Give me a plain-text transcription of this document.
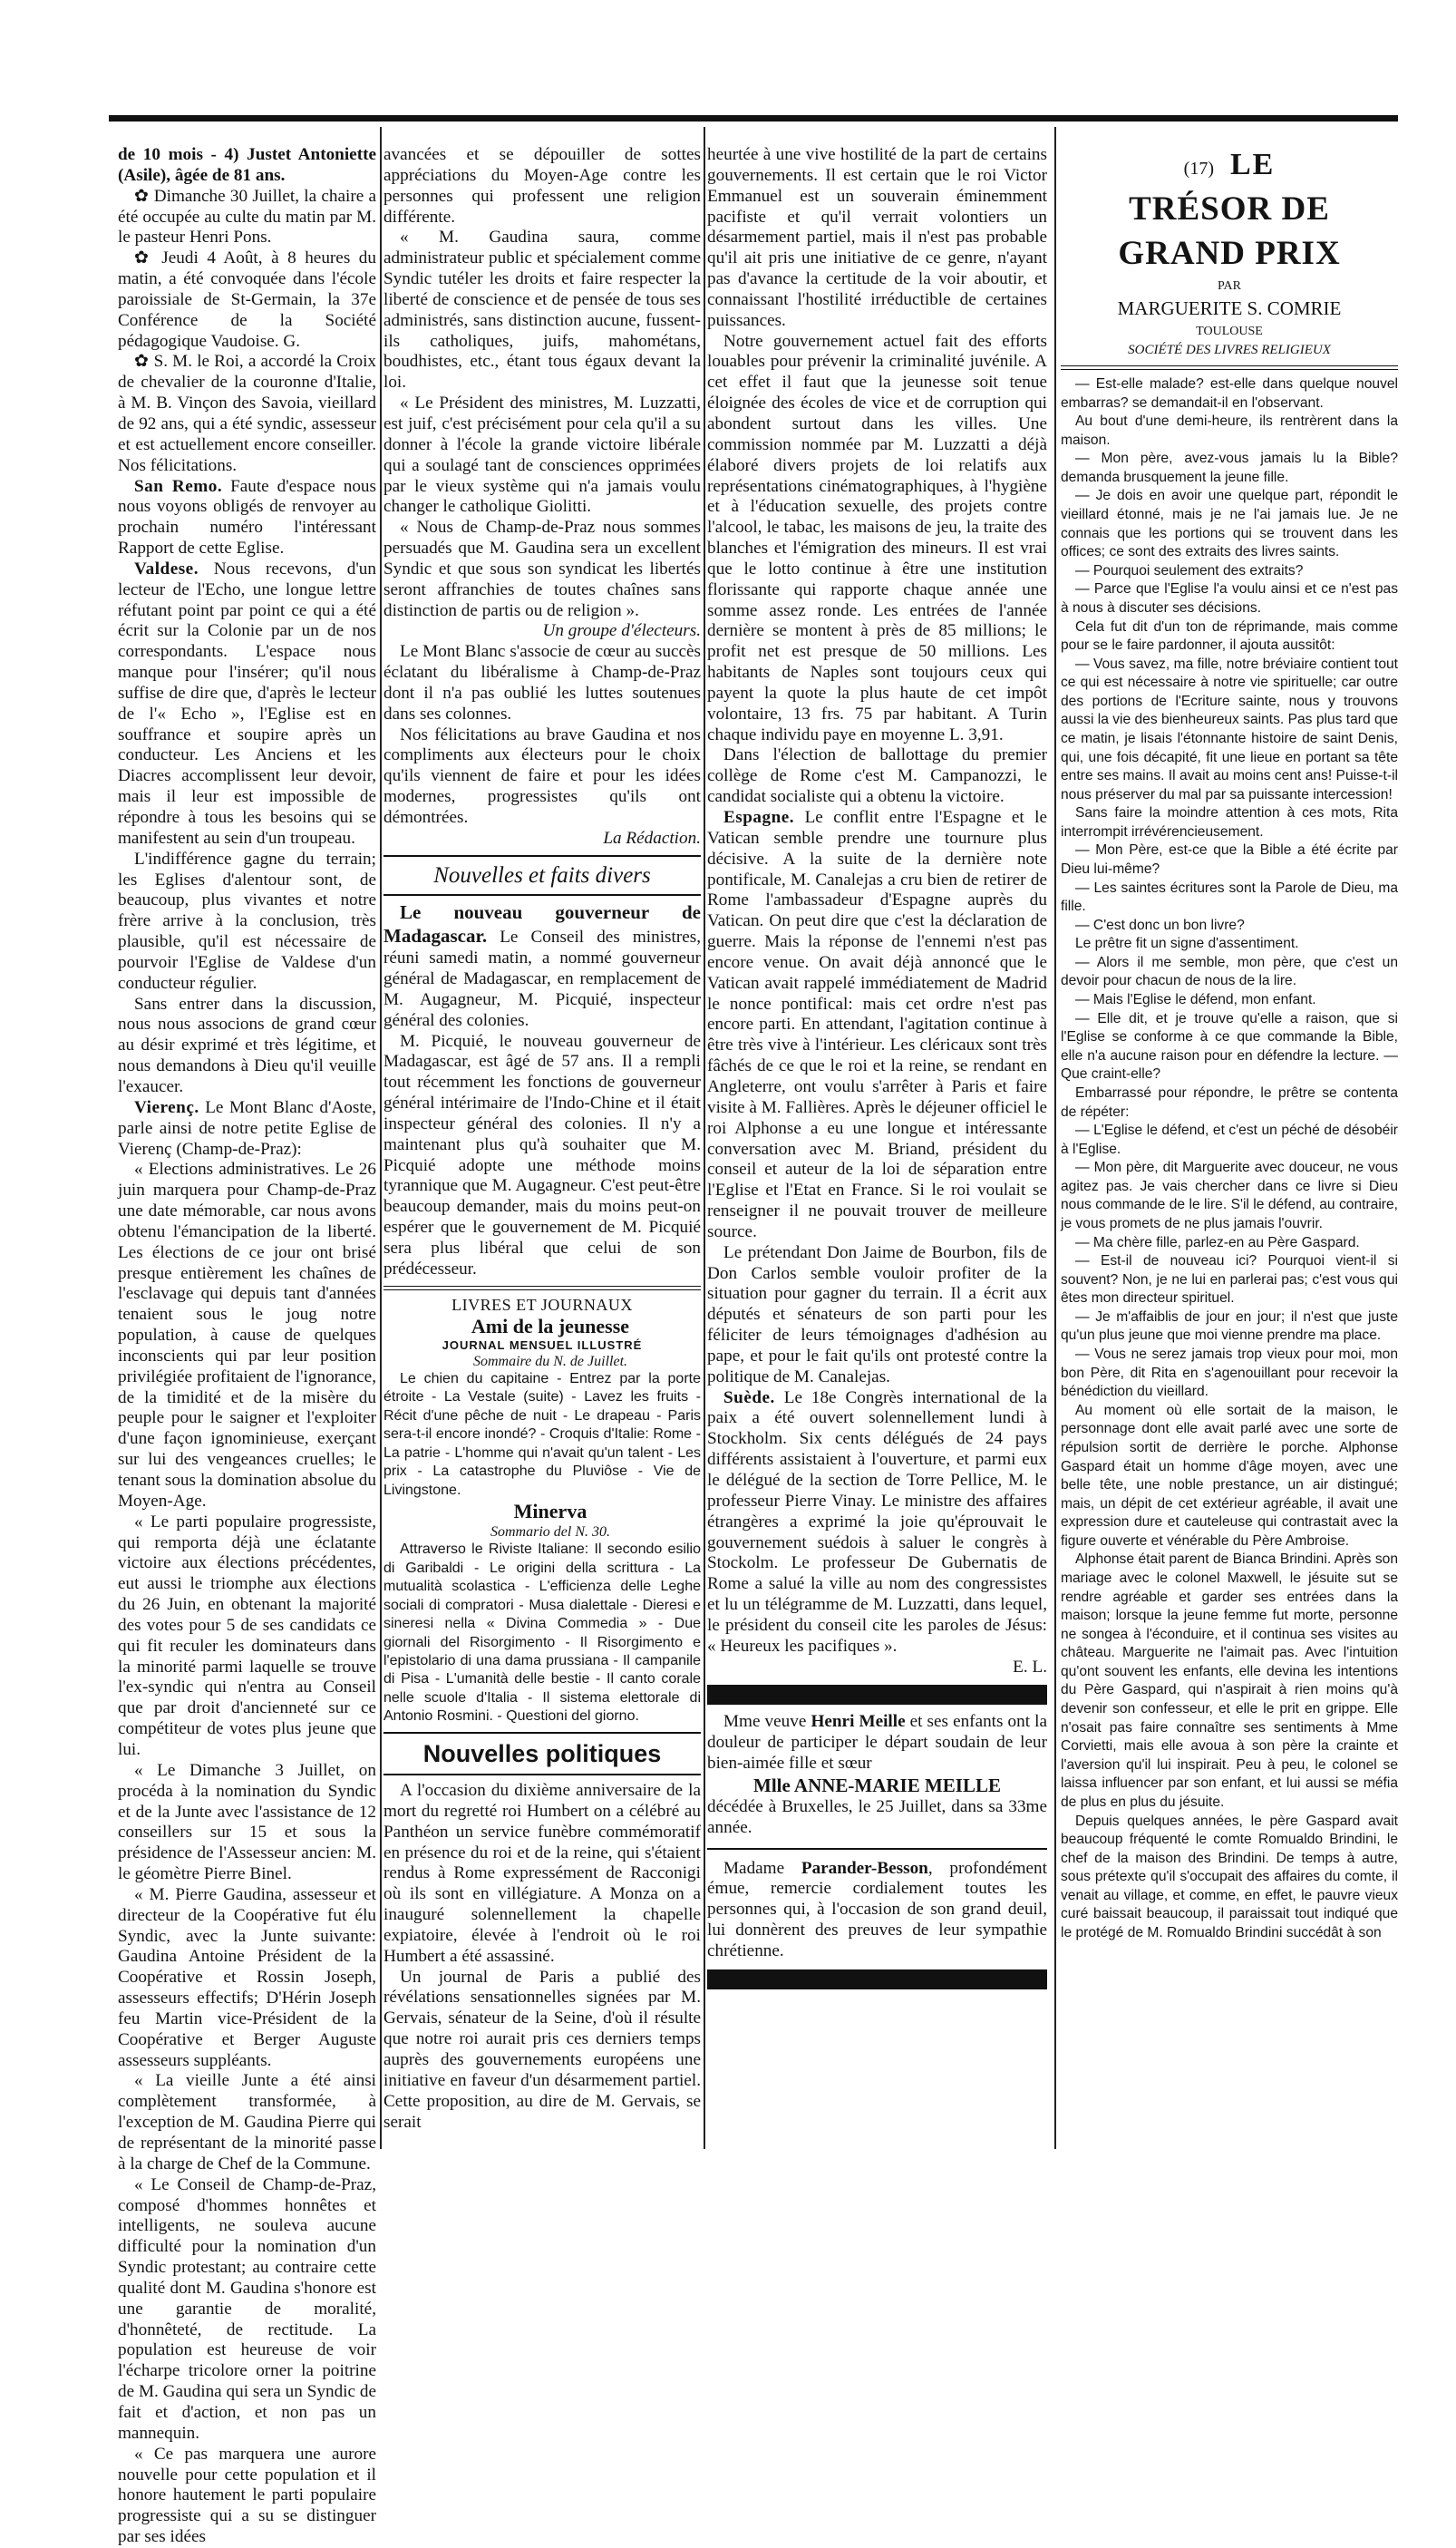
de 10 mois - 4) Justet Antoniette (Asile), âgée de 81 ans.

✿ Dimanche 30 Juillet, la chaire a été occupée au culte du matin par M. le pasteur Henri Pons.

✿ Jeudi 4 Août, à 8 heures du matin, a été convoquée dans l'école paroissiale de St-Germain, la 37e Conférence de la Société pédagogique Vaudoise. G.

✿ S. M. le Roi, a accordé la Croix de chevalier de la couronne d'Italie, à M. B. Vinçon des Savoia, vieillard de 92 ans, qui a été syndic, assesseur et est actuellement encore conseiller. Nos félicitations.

San Remo. Faute d'espace nous nous voyons obligés de renvoyer au prochain numéro l'intéressant Rapport de cette Eglise.

Valdese. Nous recevons, d'un lecteur de l'Echo, une longue lettre réfutant point par point ce qui a été écrit sur la Colonie par un de nos correspondants. L'espace nous manque pour l'insérer; qu'il nous suffise de dire que, d'après le lecteur de l'« Echo », l'Eglise est en souffrance et soupire après un conducteur. Les Anciens et les Diacres accomplissent leur devoir, mais il leur est impossible de répondre à tous les besoins qui se manifestent au sein d'un troupeau.

L'indifférence gagne du terrain; les Eglises d'alentour sont, de beaucoup, plus vivantes et notre frère arrive à la conclusion, très plausible, qu'il est nécessaire de pourvoir l'Eglise de Valdese d'un conducteur régulier.

Sans entrer dans la discussion, nous nous associons de grand cœur au désir exprimé et très légitime, et nous demandons à Dieu qu'il veuille l'exaucer.

Vierenç. Le Mont Blanc d'Aoste, parle ainsi de notre petite Eglise de Vierenç (Champ-de-Praz):

« Elections administratives. Le 26 juin marquera pour Champ-de-Praz une date mémorable, car nous avons obtenu l'émancipation de la liberté. Les élections de ce jour ont brisé presque entièrement les chaînes de l'esclavage qui depuis tant d'années tenaient sous le joug notre population, à cause de quelques inconscients qui par leur position privilégiée profitaient de l'ignorance, de la timidité et de la misère du peuple pour le saigner et l'exploiter d'une façon ignominieuse, exerçant sur lui des vengeances cruelles; le tenant sous la domination absolue du Moyen-Age.

« Le parti populaire progressiste, qui remporta déjà une éclatante victoire aux élections précédentes, eut aussi le triomphe aux élections du 26 Juin, en obtenant la majorité des votes pour 5 de ses candidats ce qui fit reculer les dominateurs dans la minorité parmi laquelle se trouve l'ex-syndic qui n'entra au Conseil que par droit d'ancienneté sur ce compétiteur de votes plus jeune que lui.

« Le Dimanche 3 Juillet, on procéda à la nomination du Syndic et de la Junte avec l'assistance de 12 conseillers sur 15 et sous la présidence de l'Assesseur ancien: M. le géomètre Pierre Binel.

« M. Pierre Gaudina, assesseur et directeur de la Coopérative fut élu Syndic, avec la Junte suivante: Gaudina Antoine Président de la Coopérative et Rossin Joseph, assesseurs effectifs; D'Hérin Joseph feu Martin vice-Président de la Coopérative et Berger Auguste assesseurs suppléants.

« La vieille Junte a été ainsi complètement transformée, à l'exception de M. Gaudina Pierre qui de représentant de la minorité passe à la charge de Chef de la Commune.

« Le Conseil de Champ-de-Praz, composé d'hommes honnêtes et intelligents, ne souleva aucune difficulté pour la nomination d'un Syndic protestant; au contraire cette qualité dont M. Gaudina s'honore est une garantie de moralité, d'honnêteté, de rectitude. La population est heureuse de voir l'écharpe tricolore orner la poitrine de M. Gaudina qui sera un Syndic de fait et d'action, et non pas un mannequin.

« Ce pas marquera une aurore nouvelle pour cette population et il honore hautement le parti populaire progressiste qui a su se distinguer par ses idées

avancées et se dépouiller de sottes appréciations du Moyen-Age contre les personnes qui professent une religion différente.

« M. Gaudina saura, comme administrateur public et spécialement comme Syndic tutéler les droits et faire respecter la liberté de conscience et de pensée de tous ses administrés, sans distinction aucune, fussent-ils catholiques, juifs, mahométans, boudhistes, etc., étant tous égaux devant la loi.

« Le Président des ministres, M. Luzzatti, est juif, c'est précisément pour cela qu'il a su donner à l'école la grande victoire libérale qui a soulagé tant de consciences opprimées par le vieux système qui n'a jamais voulu changer le catholique Giolitti.

« Nous de Champ-de-Praz nous sommes persuadés que M. Gaudina sera un excellent Syndic et que sous son syndicat les libertés seront affranchies de toutes chaînes sans distinction de partis ou de religion ».

Un groupe d'électeurs.

Le Mont Blanc s'associe de cœur au succès éclatant du libéralisme à Champ-de-Praz dont il n'a pas oublié les luttes soutenues dans ses colonnes.

Nos félicitations au brave Gaudina et nos compliments aux électeurs pour le choix qu'ils viennent de faire et pour les idées modernes, progressistes qu'ils ont démontrées.

La Rédaction.

Nouvelles et faits divers

Le nouveau gouverneur de Madagascar. Le Conseil des ministres, réuni samedi matin, a nommé gouverneur général de Madagascar, en remplacement de M. Augagneur, M. Picquié, inspecteur général des colonies.

M. Picquié, le nouveau gouverneur de Madagascar, est âgé de 57 ans. Il a rempli tout récemment les fonctions de gouverneur général intérimaire de l'Indo-Chine et il était inspecteur général des colonies. Il n'y a maintenant plus qu'à souhaiter que M. Picquié adopte une méthode moins tyrannique que M. Augagneur. C'est peut-être beaucoup demander, mais du moins peut-on espérer que le gouvernement de M. Picquié sera plus libéral que celui de son prédécesseur.

LIVRES ET JOURNAUX

Ami de la jeunesse

JOURNAL MENSUEL ILLUSTRÉ

Sommaire du N. de Juillet.

Le chien du capitaine - Entrez par la porte étroite - La Vestale (suite) - Lavez les fruits - Récit d'une pêche de nuit - Le drapeau - Paris sera-t-il encore inondé? - Croquis d'Italie: Rome - La patrie - L'homme qui n'avait qu'un talent - Les prix - La catastrophe du Pluviôse - Vie de Livingstone.

Minerva

Sommario del N. 30.

Attraverso le Riviste Italiane: Il secondo esilio di Garibaldi - Le origini della scrittura - La mutualità scolastica - L'efficienza delle Leghe sociali di compratori - Musa dialettale - Dieresi e sineresi nella « Divina Commedia » - Due giornali del Risorgimento - Il Risorgimento e l'epistolario di una dama prussiana - Il campanile di Pisa - L'umanità delle bestie - Il canto corale nelle scuole d'Italia - Il sistema elettorale di Antonio Rosmini. - Questioni del giorno.

Nouvelles politiques

A l'occasion du dixième anniversaire de la mort du regretté roi Humbert on a célébré au Panthéon un service funèbre commémoratif en présence du roi et de la reine, qui s'étaient rendus à Rome expressément de Racconigi où ils sont en villégiature. A Monza on a inauguré solennellement la chapelle expiatoire, élevée à l'endroit où le roi Humbert a été assassiné.

Un journal de Paris a publié des révélations sensationnelles signées par M. Gervais, sénateur de la Seine, d'où il résulte que notre roi aurait pris ces derniers temps auprès des gouvernements européens une initiative en faveur d'un désarmement partiel. Cette proposition, au dire de M. Gervais, se serait

heurtée à une vive hostilité de la part de certains gouvernements. Il est certain que le roi Victor Emmanuel est un souverain éminemment pacifiste et qu'il verrait volontiers un désarmement partiel, mais il n'est pas probable qu'il ait pris une initiative de ce genre, n'ayant pas d'avance la certitude de la voir aboutir, et connaissant l'hostilité irréductible de certaines puissances.

Notre gouvernement actuel fait des efforts louables pour prévenir la criminalité juvénile. A cet effet il faut que la jeunesse soit tenue éloignée des écoles de vice et de corruption qui abondent surtout dans les villes. Une commission nommée par M. Luzzatti a déjà élaboré divers projets de loi relatifs aux représentations cinématographiques, à l'hygiène et à l'éducation sexuelle, des projets contre l'alcool, le tabac, les maisons de jeu, la traite des blanches et l'émigration des mineurs. Il est vrai que le lotto continue à être une institution florissante qui rapporte chaque année une somme assez ronde. Les entrées de l'année dernière se montent à près de 85 millions; le profit net est presque de 50 millions. Les habitants de Naples sont toujours ceux qui payent la quote la plus haute de cet impôt volontaire, 13 frs. 75 par habitant. A Turin chaque individu paye en moyenne L. 3,91.

Dans l'élection de ballottage du premier collège de Rome c'est M. Campanozzi, le candidat socialiste qui a obtenu la victoire.

Espagne. Le conflit entre l'Espagne et le Vatican semble prendre une tournure plus décisive. A la suite de la dernière note pontificale, M. Canalejas a cru bien de retirer de Rome l'ambassadeur d'Espagne auprès du Vatican. On peut dire que c'est la déclaration de guerre. Mais la réponse de l'ennemi n'est pas encore venue. On avait déjà annoncé que le Vatican avait rappelé immédiatement de Madrid le nonce pontifical: mais cet ordre n'est pas encore parti. En attendant, l'agitation continue à être très vive à l'intérieur. Les cléricaux sont très fâchés de ce que le roi et la reine, se rendant en Angleterre, ont voulu s'arrêter à Paris et faire visite à M. Fallières. Après le déjeuner officiel le roi Alphonse a eu une longue et intéressante conversation avec M. Briand, président du conseil et auteur de la loi de séparation entre l'Eglise et l'Etat en France. Si le roi voulait se renseigner il ne pouvait trouver de meilleure source.

Le prétendant Don Jaime de Bourbon, fils de Don Carlos semble vouloir profiter de la situation pour gagner du terrain. Il a écrit aux députés et sénateurs de son parti pour les féliciter de leurs témoignages d'adhésion au pape, et pour le fait qu'ils ont protesté contre la politique de M. Canalejas.

Suède. Le 18e Congrès international de la paix a été ouvert solennellement lundi à Stockholm. Six cents délégués de 24 pays différents assistaient à l'ouverture, et parmi eux le délégué de la section de Torre Pellice, M. le professeur Pierre Vinay. Le ministre des affaires étrangères a exprimé la joie qu'éprouvait le gouvernement suédois à saluer le congrès à Stockolm. Le professeur De Gubernatis de Rome a salué la ville au nom des congressistes et lu un télégramme de M. Luzzatti, dans lequel, le président du conseil cite les paroles de Jésus: « Heureux les pacifiques ».

E. L.

Mme veuve Henri Meille et ses enfants ont la douleur de participer le départ soudain de leur bien-aimée fille et sœur

Mlle ANNE-MARIE MEILLE

décédée à Bruxelles, le 25 Juillet, dans sa 33me année.

Madame Parander-Besson, profondément émue, remercie cordialement toutes les personnes qui, à l'occasion de son grand deuil, lui donnèrent des preuves de leur sympathie chrétienne.

(17) LE
TRÉSOR DE GRAND PRIX
PAR
MARGUERITE S. COMRIE
TOULOUSE
SOCIÉTÉ DES LIVRES RELIGIEUX

— Est-elle malade? est-elle dans quelque nouvel embarras? se demandait-il en l'observant.

Au bout d'une demi-heure, ils rentrèrent dans la maison.

— Mon père, avez-vous jamais lu la Bible? demanda brusquement la jeune fille.

— Je dois en avoir une quelque part, répondit le vieillard étonné, mais je ne l'ai jamais lue. Je ne connais que les portions qui se trouvent dans les offices; ce sont des extraits des livres saints.

— Pourquoi seulement des extraits?

— Parce que l'Eglise l'a voulu ainsi et ce n'est pas à nous à discuter ses décisions.

Cela fut dit d'un ton de réprimande, mais comme pour se le faire pardonner, il ajouta aussitôt:

— Vous savez, ma fille, notre bréviaire contient tout ce qui est nécessaire à notre vie spirituelle; car outre des portions de l'Ecriture sainte, nous y trouvons aussi la vie des bienheureux saints. Pas plus tard que ce matin, je lisais l'étonnante histoire de saint Denis, qui, une fois décapité, fit une lieue en portant sa tête entre ses mains. Il avait au moins cent ans! Puisse-t-il nous préserver du mal par sa puissante intercession!

Sans faire la moindre attention à ces mots, Rita interrompit irrévérencieusement.

— Mon Père, est-ce que la Bible a été écrite par Dieu lui-même?

— Les saintes écritures sont la Parole de Dieu, ma fille.

— C'est donc un bon livre?

Le prêtre fit un signe d'assentiment.

— Alors il me semble, mon père, que c'est un devoir pour chacun de nous de la lire.

— Mais l'Eglise le défend, mon enfant.

— Elle dit, et je trouve qu'elle a raison, que si l'Eglise se conforme à ce que commande la Bible, elle n'a aucune raison pour en défendre la lecture. — Que craint-elle?

Embarrassé pour répondre, le prêtre se contenta de répéter:

— L'Eglise le défend, et c'est un péché de désobéir à l'Eglise.

— Mon père, dit Marguerite avec douceur, ne vous agitez pas. Je vais chercher dans ce livre si Dieu nous commande de le lire. S'il le défend, au contraire, je vous promets de ne plus jamais l'ouvrir.

— Ma chère fille, parlez-en au Père Gaspard.

— Est-il de nouveau ici? Pourquoi vient-il si souvent? Non, je ne lui en parlerai pas; c'est vous qui êtes mon directeur spirituel.

— Je m'affaiblis de jour en jour; il n'est que juste qu'un plus jeune que moi vienne prendre ma place.

— Vous ne serez jamais trop vieux pour moi, mon bon Père, dit Rita en s'agenouillant pour recevoir la bénédiction du vieillard.

Au moment où elle sortait de la maison, le personnage dont elle avait parlé avec une sorte de répulsion sortit de derrière le porche. Alphonse Gaspard était un homme d'âge moyen, avec une belle tête, une noble prestance, un air distingué; mais, un dépit de cet extérieur agréable, il avait une expression dure et cauteleuse qui contrastait avec la figure ouverte et vénérable du Père Ambroise.

Alphonse était parent de Bianca Brindini. Après son mariage avec le colonel Maxwell, le jésuite sut se rendre agréable et garder ses entrées dans la maison; lorsque la jeune femme fut morte, personne ne songea à l'éconduire, et il continua ses visites au château. Marguerite ne l'aimait pas. Avec l'intuition qu'ont souvent les enfants, elle devina les intentions du Père Gaspard, qui n'aspirait à rien moins qu'à devenir son confesseur, et elle le prit en grippe. Elle n'osait pas faire connaître ses sentiments à Mme Corvietti, mais elle avoua à son père la crainte et l'aversion qu'il lui inspirait. Peu à peu, le colonel se laissa influencer par son enfant, et lui aussi se méfia de plus en plus du jésuite.

Depuis quelques années, le père Gaspard avait beaucoup fréquenté le comte Romualdo Brindini, le chef de la maison des Brindini. De temps à autre, sous prétexte qu'il s'occupait des affaires du comte, il venait au village, et comme, en effet, le pauvre vieux curé baissait beaucoup, il paraissait tout indiqué que le protégé de M. Romualdo Brindini succédât à son
